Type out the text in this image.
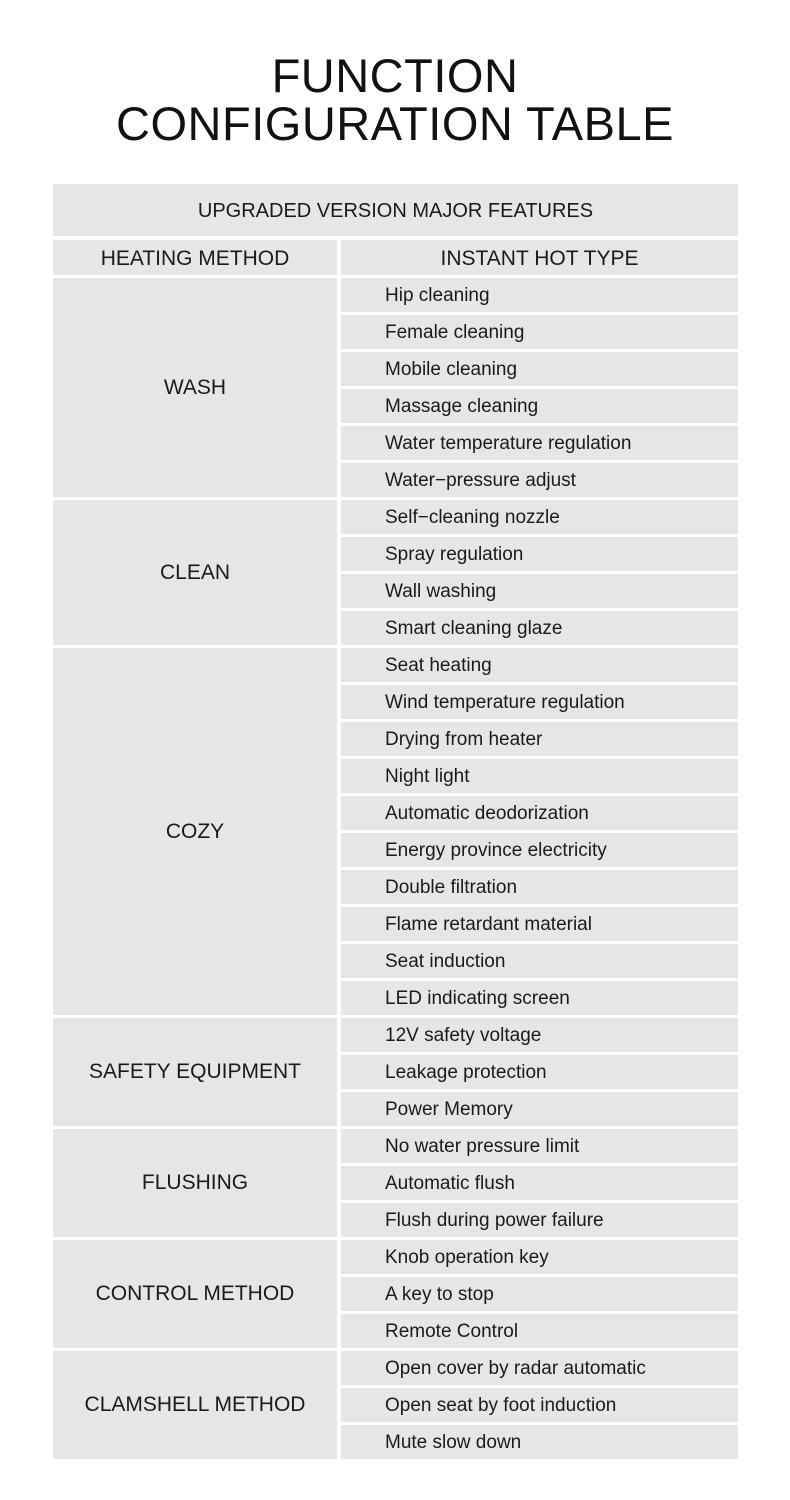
FUNCTION
CONFIGURATION TABLE
UPGRADED VERSION MAJOR FEATURES
HEATING METHOD	INSTANT HOT TYPE
WASH
Hip cleaning
Female cleaning
Mobile cleaning
Massage cleaning
Water temperature regulation
Water−pressure adjust
CLEAN
Self−cleaning nozzle
Spray regulation
Wall washing
Smart cleaning glaze
COZY
Seat heating
Wind temperature regulation
Drying from heater
Night light
Automatic deodorization
Energy province electricity
Double filtration
Flame retardant material
Seat induction
LED indicating screen
SAFETY EQUIPMENT
12V safety voltage
Leakage protection
Power Memory
FLUSHING
No water pressure limit
Automatic flush
Flush during power failure
CONTROL METHOD
Knob operation key
A key to stop
Remote Control
CLAMSHELL METHOD
Open cover by radar automatic
Open seat by foot induction
Mute slow down
